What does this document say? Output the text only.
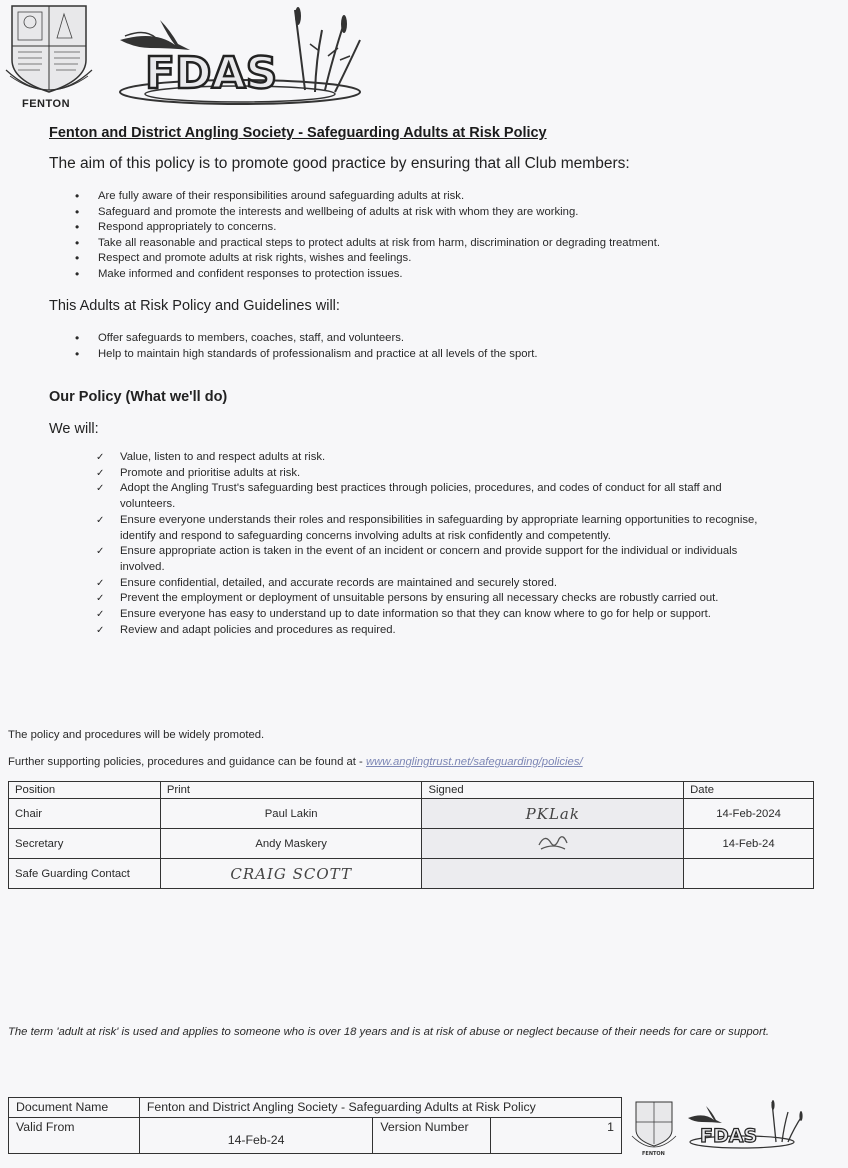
FENTON
FDAS
Fenton and District Angling Society - Safeguarding Adults at Risk Policy
The aim of this policy is to promote good practice by ensuring that all Club members:
• Are fully aware of their responsibilities around safeguarding adults at risk.
• Safeguard and promote the interests and wellbeing of adults at risk with whom they are working.
• Respond appropriately to concerns.
• Take all reasonable and practical steps to protect adults at risk from harm, discrimination or degrading treatment.
• Respect and promote adults at risk rights, wishes and feelings.
• Make informed and confident responses to protection issues.
This Adults at Risk Policy and Guidelines will:
• Offer safeguards to members, coaches, staff, and volunteers.
• Help to maintain high standards of professionalism and practice at all levels of the sport.
Our Policy (What we'll do)
We will:
✓ Value, listen to and respect adults at risk.
✓ Promote and prioritise adults at risk.
✓ Adopt the Angling Trust's safeguarding best practices through policies, procedures, and codes of conduct for all staff and volunteers.
✓ Ensure everyone understands their roles and responsibilities in safeguarding by appropriate learning opportunities to recognise, identify and respond to safeguarding concerns involving adults at risk confidently and competently.
✓ Ensure appropriate action is taken in the event of an incident or concern and provide support for the individual or individuals involved.
✓ Ensure confidential, detailed, and accurate records are maintained and securely stored.
✓ Prevent the employment or deployment of unsuitable persons by ensuring all necessary checks are robustly carried out.
✓ Ensure everyone has easy to understand up to date information so that they can know where to go for help or support.
✓ Review and adapt policies and procedures as required.
The policy and procedures will be widely promoted.
Further supporting policies, procedures and guidance can be found at - www.anglingtrust.net/safeguarding/policies/
Position	Print	Signed	Date
Chair	Paul Lakin	PKLak	14-Feb-2024
Secretary	Andy Maskery		14-Feb-24
Safe Guarding Contact	CRAIG SCOTT		
The term 'adult at risk' is used and applies to someone who is over 18 years and is at risk of abuse or neglect because of their needs for care or support.
Document Name	Fenton and District Angling Society - Safeguarding Adults at Risk Policy		
Valid From	14-Feb-24	Version Number	1
FENTON
FDAS
